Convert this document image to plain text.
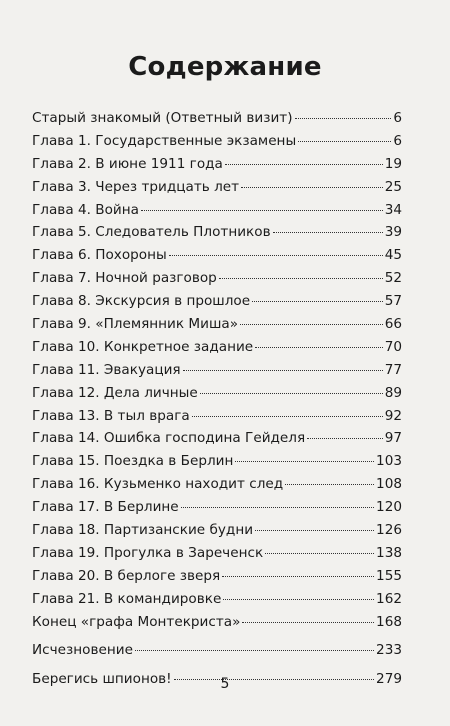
Содержание
Старый знакомый (Ответный визит)	6
Глава 1. Государственные экзамены	6
Глава 2. В июне 1911 года	19
Глава 3. Через тридцать лет	25
Глава 4. Война	34
Глава 5. Следователь Плотников	39
Глава 6. Похороны	45
Глава 7. Ночной разговор	52
Глава 8. Экскурсия в прошлое	57
Глава 9. «Племянник Миша»	66
Глава 10. Конкретное задание	70
Глава 11. Эвакуация	77
Глава 12. Дела личные	89
Глава 13. В тыл врага	92
Глава 14. Ошибка господина Гейделя	97
Глава 15. Поездка в Берлин	103
Глава 16. Кузьменко находит след	108
Глава 17. В Берлине	120
Глава 18. Партизанские будни	126
Глава 19. Прогулка в Зареченск	138
Глава 20. В берлоге зверя	155
Глава 21. В командировке	162
Конец «графа Монтекриста»	168
Исчезновение	233
Берегись шпионов!	279
5
